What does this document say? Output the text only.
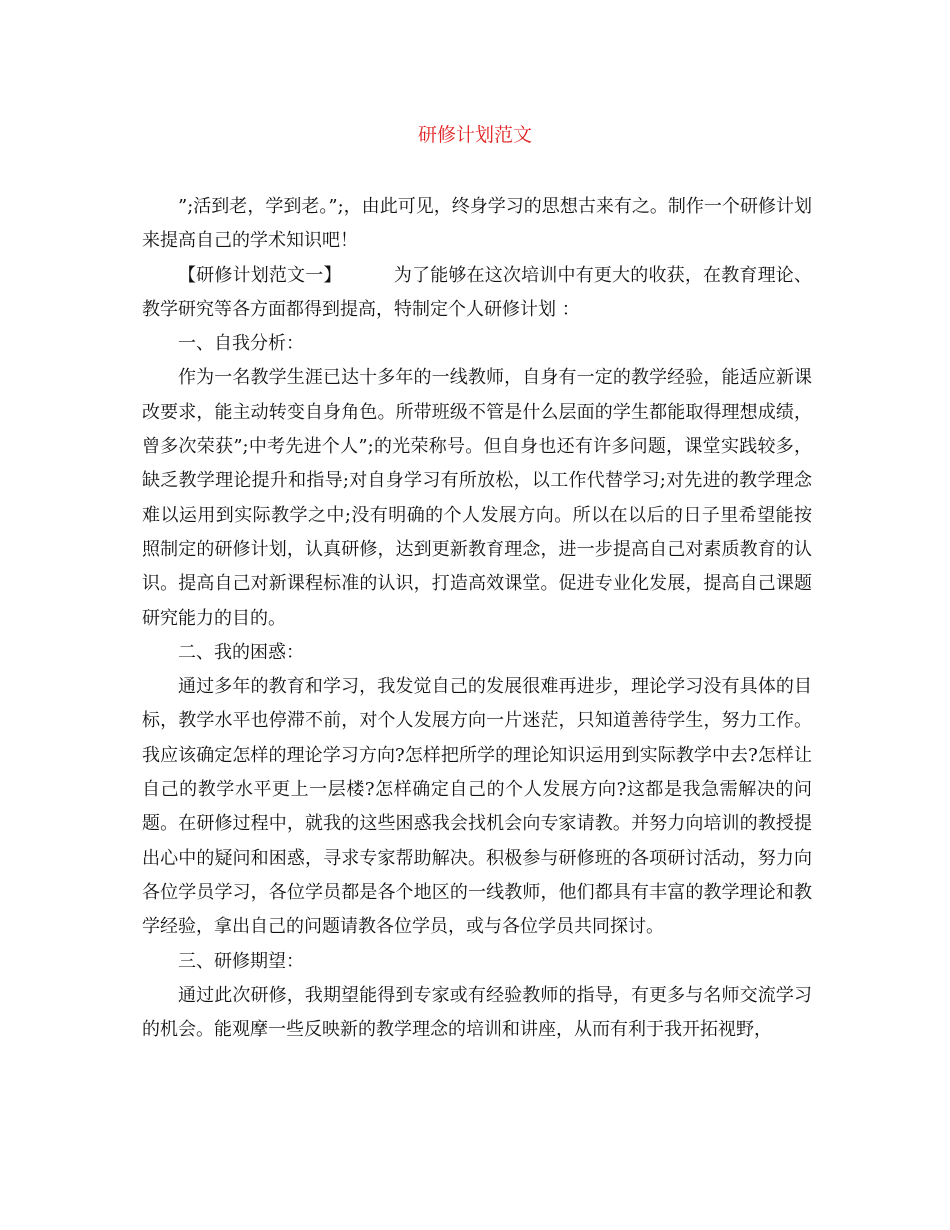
研修计划范文

”;活到老，学到老。”;，由此可见，终身学习的思想古来有之。制作一个研修计划来提高自己的学术知识吧！

【研修计划范文一】	为了能够在这次培训中有更大的收获，在教育理论、教学研究等各方面都得到提高，特制定个人研修计划 ：

一、自我分析：

作为一名教学生涯已达十多年的一线教师，自身有一定的教学经验，能适应新课改要求，能主动转变自身角色。所带班级不管是什么层面的学生都能取得理想成绩，曾多次荣获”;中考先进个人”;的光荣称号。但自身也还有许多问题，课堂实践较多，缺乏教学理论提升和指导;对自身学习有所放松，以工作代替学习;对先进的教学理念难以运用到实际教学之中;没有明确的个人发展方向。所以在以后的日子里希望能按照制定的研修计划，认真研修，达到更新教育理念，进一步提高自己对素质教育的认识。提高自己对新课程标准的认识，打造高效课堂。促进专业化发展，提高自己课题研究能力的目的。

二、我的困惑：

通过多年的教育和学习，我发觉自己的发展很难再进步，理论学习没有具体的目标，教学水平也停滞不前，对个人发展方向一片迷茫，只知道善待学生，努力工作。我应该确定怎样的理论学习方向?怎样把所学的理论知识运用到实际教学中去?怎样让自己的教学水平更上一层楼?怎样确定自己的个人发展方向?这都是我急需解决的问题。在研修过程中，就我的这些困惑我会找机会向专家请教。并努力向培训的教授提出心中的疑问和困惑，寻求专家帮助解决。积极参与研修班的各项研讨活动，努力向各位学员学习，各位学员都是各个地区的一线教师，他们都具有丰富的教学理论和教学经验，拿出自己的问题请教各位学员，或与各位学员共同探讨。

三、研修期望：

通过此次研修，我期望能得到专家或有经验教师的指导，有更多与名师交流学习的机会。能观摩一些反映新的教学理念的培训和讲座，从而有利于我开拓视野，
